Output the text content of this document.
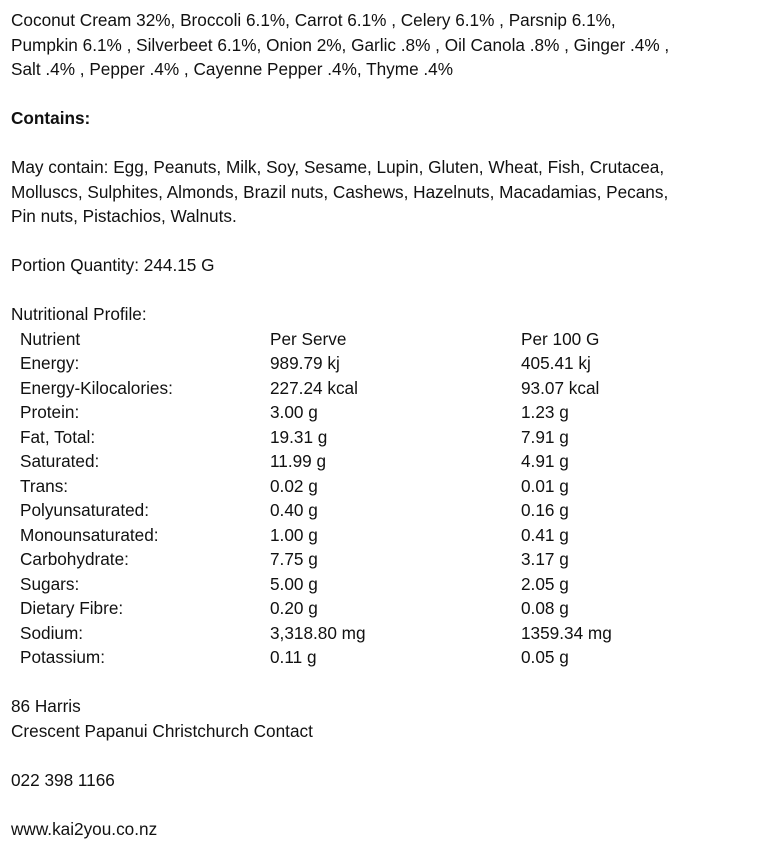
Coconut Cream 32%, Broccoli 6.1%, Carrot 6.1% , Celery 6.1% , Parsnip 6.1%,

Pumpkin 6.1% , Silverbeet 6.1%, Onion 2%, Garlic .8% , Oil Canola .8% , Ginger .4% ,

Salt .4% , Pepper .4% , Cayenne Pepper .4%, Thyme .4%

Contains:

May contain: Egg, Peanuts, Milk, Soy, Sesame, Lupin, Gluten, Wheat, Fish, Crutacea,

Molluscs, Sulphites, Almonds, Brazil nuts, Cashews, Hazelnuts, Macadamias, Pecans,

Pin nuts, Pistachios, Walnuts.

Portion Quantity: 244.15 G

Nutritional Profile:

Nutrient	Per Serve	Per 100 G
Energy:	989.79 kj	405.41 kj
Energy-Kilocalories:	227.24 kcal	93.07 kcal
Protein:	3.00 g	1.23 g
Fat, Total:	19.31 g	7.91 g
Saturated:	11.99 g	4.91 g
Trans:	0.02 g	0.01 g
Polyunsaturated:	0.40 g	0.16 g
Monounsaturated:	1.00 g	0.41 g
Carbohydrate:	7.75 g	3.17 g
Sugars:	5.00 g	2.05 g
Dietary Fibre:	0.20 g	0.08 g
Sodium:	3,318.80 mg	1359.34 mg
Potassium:	0.11 g	0.05 g

86 Harris

Crescent Papanui Christchurch Contact

022 398 1166

www.kai2you.co.nz
